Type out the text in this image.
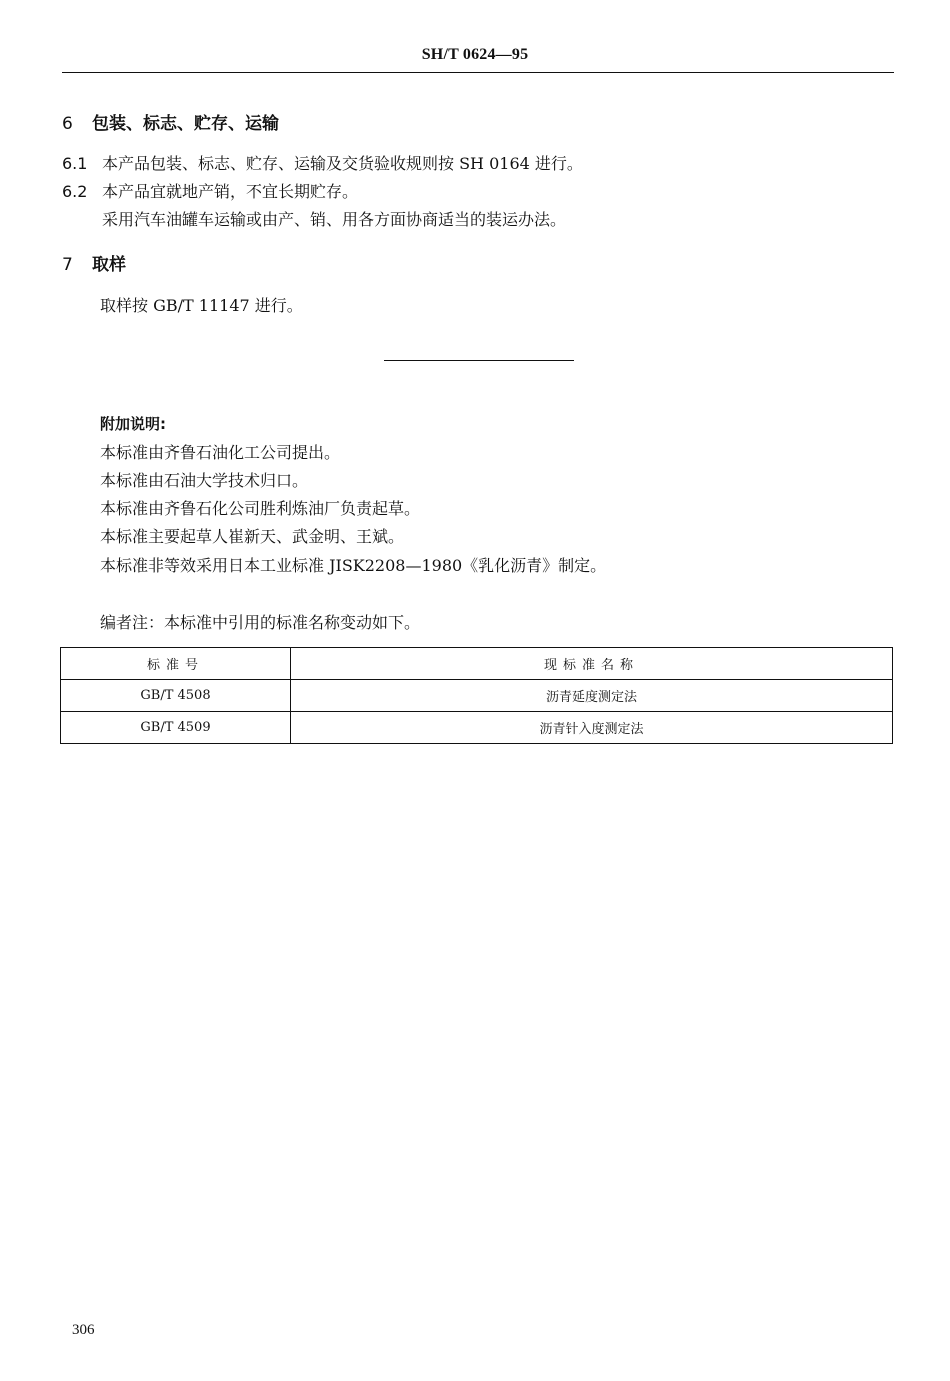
SH/T 0624—95
6 包装、标志、贮存、运输
6.1 本产品包装、标志、贮存、运输及交货验收规则按 SH 0164 进行。
6.2 本产品宜就地产销，不宜长期贮存。
采用汽车油罐车运输或由产、销、用各方面协商适当的装运办法。
7 取样
取样按 GB/T 11147 进行。
附加说明:
本标准由齐鲁石油化工公司提出。
本标准由石油大学技术归口。
本标准由齐鲁石化公司胜利炼油厂负责起草。
本标准主要起草人崔新天、武金明、王斌。
本标准非等效采用日本工业标准 JISK2208—1980《乳化沥青》制定。
编者注：本标准中引用的标准名称变动如下。
标准号	现标准名称
GB/T 4508	沥青延度测定法
GB/T 4509	沥青针入度测定法
306
